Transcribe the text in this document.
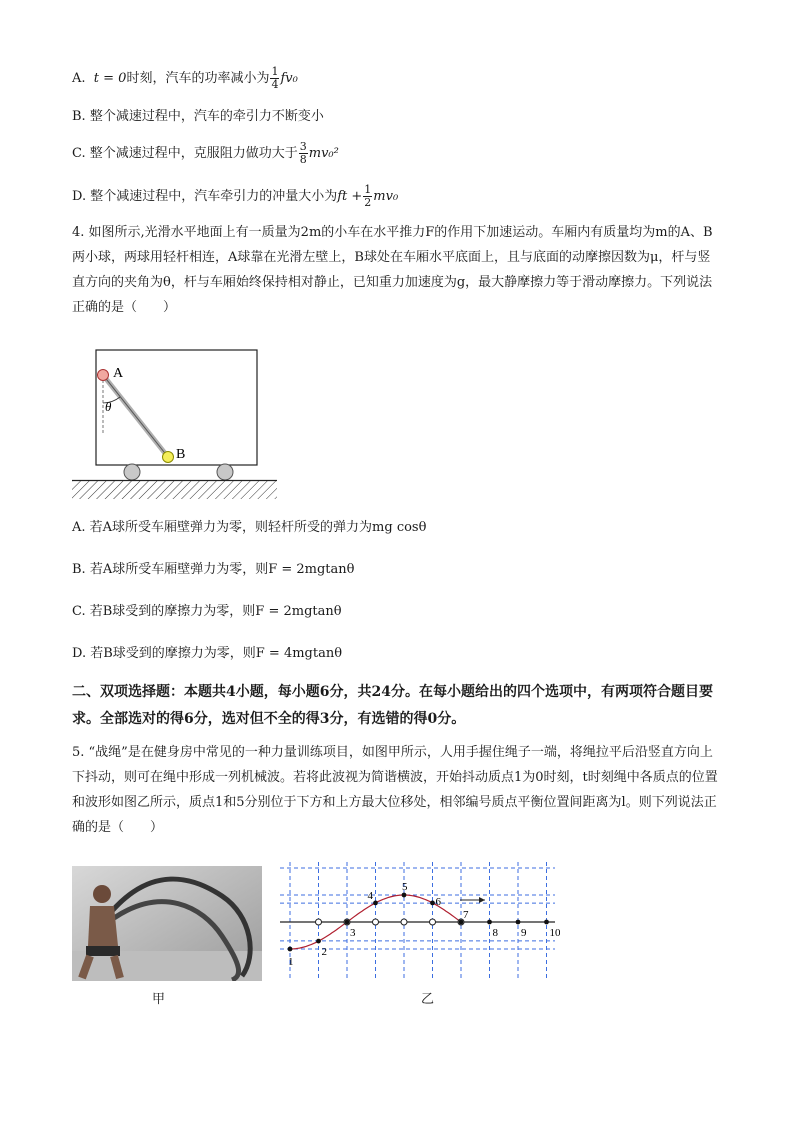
A. t = 0时刻，汽车的功率减小为 $\frac{1}{4} fv_0$
B. 整个减速过程中，汽车的牵引力不断变小
C. 整个减速过程中，克服阻力做功大于 $\frac{3}{8} mv_0^2$
D. 整个减速过程中，汽车牵引力的冲量大小为ft + $\frac{1}{2} mv_0$
4. 如图所示,光滑水平地面上有一质量为2m的小车在水平推力F的作用下加速运动。车厢内有质量均为m的A、B两小球，两球用轻杆相连，A球靠在光滑左壁上，B球处在车厢水平底面上，且与底面的动摩擦因数为μ，杆与竖直方向的夹角为θ，杆与车厢始终保持相对静止，已知重力加速度为g，最大静摩擦力等于滑动摩擦力。下列说法正确的是（　　）
A
B
θ
A. 若A球所受车厢壁弹力为零，则轻杆所受的弹力为mg cosθ
B. 若A球所受车厢壁弹力为零，则F = 2mgtanθ
C. 若B球受到的摩擦力为零，则F = 2mgtanθ
D. 若B球受到的摩擦力为零，则F = 4mgtanθ
二、双项选择题：本题共4小题，每小题6分，共24分。在每小题给出的四个选项中，有两项符合题目要求。全部选对的得6分，选对但不全的得3分，有选错的得0分。
5. “战绳”是在健身房中常见的一种力量训练项目，如图甲所示，人用手握住绳子一端，将绳拉平后沿竖直方向上下抖动，则可在绳中形成一列机械波。若将此波视为简谐横波，开始抖动质点1为0时刻，t时刻绳中各质点的位置和波形如图乙所示，质点1和5分别位于下方和上方最大位移处，相邻编号质点平衡位置间距离为l。则下列说法正确的是（　　）
甲
1
2
3
4
5
6
7
8 9 10
乙
